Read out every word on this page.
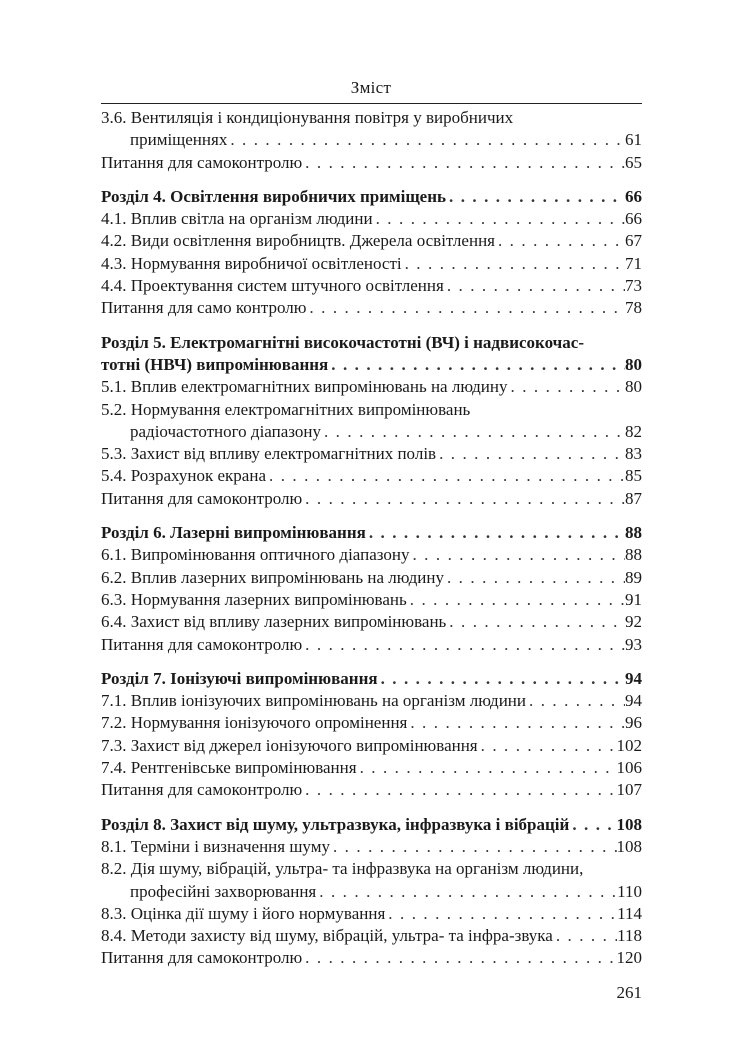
Зміст
3.6. Вентиляція і кондиціонування повітря у виробничих
приміщеннях . . .	61
Питання для самоконтролю . . .	65
Розділ 4. Освітлення виробничих приміщень . . .	66
4.1. Вплив світла на організм людини . . .	66
4.2. Види освітлення виробництв. Джерела освітлення . . .	67
4.3. Нормування виробничої освітленості . . .	71
4.4. Проектування систем штучного освітлення . . .	73
Питання для само контролю . . .	78
Розділ 5. Електромагнітні високочастотні (ВЧ) і надвисокочас-
тотні (НВЧ) випромінювання . . .	80
5.1. Вплив електромагнітних випромінювань на людину . . .	80
5.2. Нормування електромагнітних випромінювань
радіочастотного діапазону . . .	82
5.3. Захист від впливу електромагнітних полів . . .	83
5.4. Розрахунок екрана . . .	85
Питання для самоконтролю . . .	87
Розділ 6. Лазерні випромінювання . . .	88
6.1. Випромінювання оптичного діапазону . . .	88
6.2. Вплив лазерних випромінювань на людину . . .	89
6.3. Нормування лазерних випромінювань . . .	91
6.4. Захист від впливу лазерних випромінювань . . .	92
Питання для самоконтролю . . .	93
Розділ 7. Іонізуючі випромінювання . . .	94
7.1. Вплив іонізуючих випромінювань на організм людини . . .	94
7.2. Нормування іонізуючого опромінення . . .	96
7.3. Захист від джерел іонізуючого випромінювання . . .	102
7.4. Рентгенівське випромінювання . . .	106
Питання для самоконтролю . . .	107
Розділ 8. Захист від шуму, ультразвука, інфразвука і вібрацій . . .	108
8.1. Терміни і визначення шуму . . .	108
8.2. Дія шуму, вібрацій, ультра- та інфразвука на організм людини,
професійні захворювання . . .	110
8.3. Оцінка дії шуму і його нормування . . .	114
8.4. Методи захисту від шуму, вібрацій, ультра- та інфра-звука . . .	118
Питання для самоконтролю . . .	120
261
